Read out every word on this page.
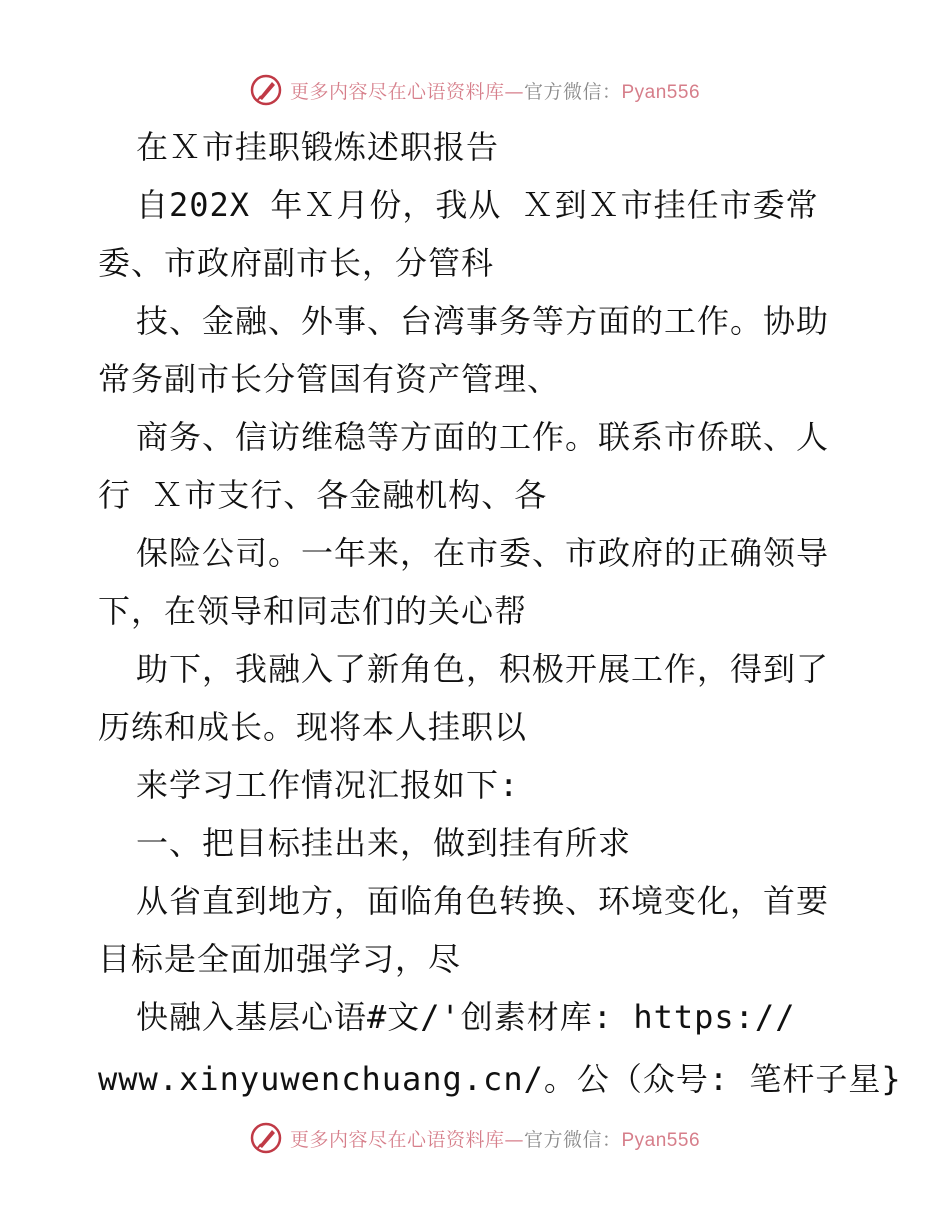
更多内容尽在心语资料库—官方微信：Pyan556
在Ｘ市挂职锻炼述职报告
自202X 年Ｘ月份，我从 Ｘ到Ｘ市挂任市委常
委、市政府副市长，分管科
技、金融、外事、台湾事务等方面的工作。协助
常务副市长分管国有资产管理、
商务、信访维稳等方面的工作。联系市侨联、人
行 Ｘ市支行、各金融机构、各
保险公司。一年来，在市委、市政府的正确领导
下，在领导和同志们的关心帮
助下，我融入了新角色，积极开展工作，得到了
历练和成长。现将本人挂职以
来学习工作情况汇报如下:
一、把目标挂出来，做到挂有所求
从省直到地方，面临角色转换、环境变化，首要
目标是全面加强学习，尽
快融入基层心语#文/'创素材库: https://
www.xinyuwenchuang.cn/。公（众号: 笔杆子星}
更多内容尽在心语资料库—官方微信：Pyan556
